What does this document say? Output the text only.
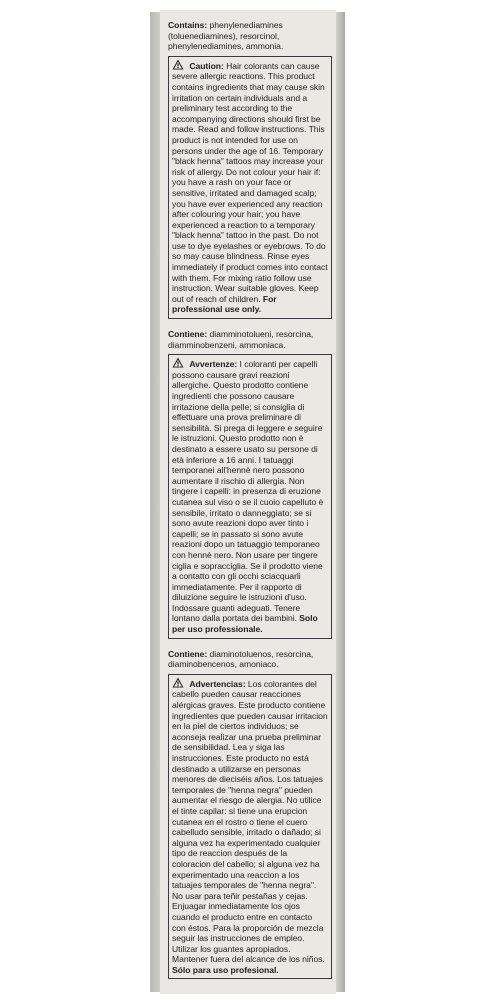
Contains: phenylenediamines (toluenediamines), resorcinol, phenylenediamines, ammonia.
Caution: Hair colorants can cause severe allergic reactions. This product contains ingredients that may cause skin irritation on certain individuals and a preliminary test according to the accompanying directions should first be made. Read and follow instructions. This product is not intended for use on persons under the age of 16. Temporary "black henna" tattoos may increase your risk of allergy. Do not colour your hair if: you have a rash on your face or sensitive, irritated and damaged scalp; you have ever experienced any reaction after colouring your hair; you have experienced a reaction to a temporary "black henna" tattoo in the past. Do not use to dye eyelashes or eyebrows. To do so may cause blindness. Rinse eyes immediately if product comes into contact with them. For mixing ratio follow use instruction. Wear suitable gloves. Keep out of reach of children. For professional use only.
Contiene: diamminotolueni, resorcina, diamminobenzeni, ammoniaca.
Avvertenze: I coloranti per capelli possono causare gravi reazioni allergiche. Questo prodotto contiene ingredienti che possono causare irritazione della pelle; si consiglia di effettuare una prova preliminare di sensibilità. Si prega di leggere e seguire le istruzioni. Questo prodotto non è destinato a essere usato su persone di età inferiore a 16 anni. I tatuaggi temporanei all'hennè nero possono aumentare il rischio di allergia. Non tingere i capelli: in presenza di eruzione cutanea sul viso o se il cuoio capelluto è sensibile, irritato o danneggiato; se si sono avute reazioni dopo aver tinto i capelli; se in passato si sono avute reazioni dopo un tatuaggio temporaneo con hennè nero. Non usare per tingere ciglia e sopracciglia. Se il prodotto viene a contatto con gli occhi sciacquarli immediatamente. Per il rapporto di diluizione seguire le istruzioni d'uso. Indossare guanti adeguati. Tenere lontano dalla portata dei bambini. Solo per uso professionale.
Contiene: diaminotoluenos, resorcina, diaminobencenos, amoniaco.
Advertencias: Los colorantes del cabello pueden causar reacciones alérgicas graves. Este producto contiene ingredientes que pueden causar irritacion en la piel de ciertos individuos; se aconseja realizar una prueba preliminar de sensibilidad. Lea y siga las instrucciones. Este producto no está destinado a utilizarse en personas menores de dieciséis años. Los tatuajes temporales de "henna negra" pueden aumentar el riesgo de alergia. No utilice el tinte capilar: si tiene una erupcion cutanea en el rostro o tiene el cuero cabelludo sensible, irritado o dañado; si alguna vez ha experimentado cualquier tipo de reaccion después de la coloracion del cabello; si alguna vez ha experimentado una reaccion a los tatuajes temporales de "henna negra". No usar para teñir pestañas y cejas. Enjuagar inmediatamente los ojos cuando el producto entre en contacto con éstos. Para la proporción de mezcla seguir las instrucciones de empleo. Utilizar los guantes apropiados. Mantener fuera del alcance de los niños. Sólo para uso profesional.
